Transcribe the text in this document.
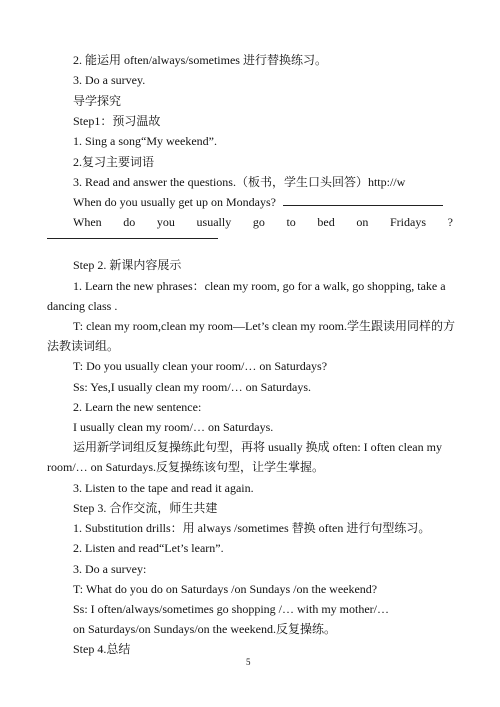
2. 能运用 often/always/sometimes 进行替换练习。
3. Do a survey.
导学探究
Step1：预习温故
1. Sing a song“My weekend”.
2.复习主要词语
3. Read and answer the questions.（板书，学生口头回答）http://w
When do you usually get up on Mondays?
When do you usually go to bed on Fridays ?
Step 2. 新课内容展示
1. Learn the new phrases：clean my room, go for a walk, go shopping, take a
dancing class .
T: clean my room,clean my room—Let’s clean my room.学生跟读用同样的方
法教读词组。
T: Do you usually clean your room/… on Saturdays?
Ss: Yes,I usually clean my room/… on Saturdays.
2. Learn the new sentence:
I usually clean my room/… on Saturdays.
运用新学词组反复操练此句型，再将 usually 换成 often: I often clean my
room/… on Saturdays.反复操练该句型，让学生掌握。
3. Listen to the tape and read it again.
Step 3. 合作交流，师生共建
1. Substitution drills：用 always /sometimes 替换 often 进行句型练习。
2. Listen and read“Let’s learn”.
3. Do a survey:
T: What do you do on Saturdays /on Sundays /on the weekend?
Ss: I often/always/sometimes go shopping /… with my mother/…
on Saturdays/on Sundays/on the weekend.反复操练。
Step 4.总结
5
